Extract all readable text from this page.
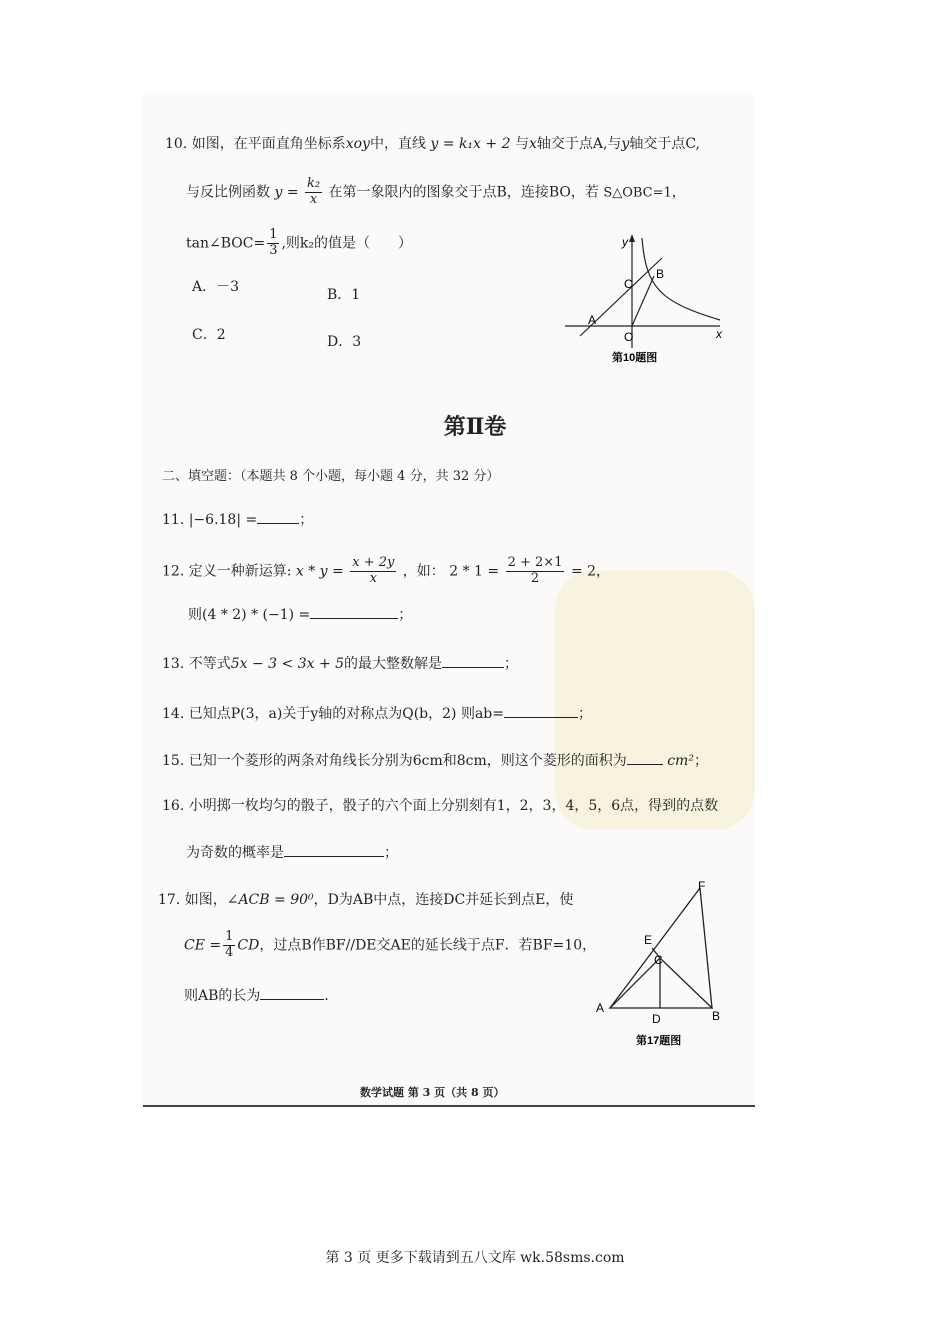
10. 如图，在平面直角坐标系xoy中，直线 y = k₁x + 2 与x轴交于点A,与y轴交于点C,
与反比例函数 $y = \frac{\text{k₂}}{x}$ 在第一象限内的图象交于点B，连接BO，若 S△OBC=1，
tan∠BOC= $\frac{1}{3}$ ,则k₂的值是（　　）
A．－3	B．1
C．2	D．3
y
x
A
B
C
O
第10题图
第Ⅱ卷
二、填空题：（本题共 8 个小题，每小题 4 分，共 32 分）
11. |−6.18| =	；
12. 定义一种新运算: $x * y = \frac{x + 2y}{x}$ ，如： $2 * 1 = \frac{2 + 2\times 1}{2} = 2$，
则(4 * 2) * (−1) =	；
13. 不等式5x − 3 < 3x + 5的最大整数解是	；
14. 已知点P(3，a)关于y轴的对称点为Q(b，2) 则ab=	；
15. 已知一个菱形的两条对角线长分别为6cm和8cm，则这个菱形的面积为	cm²；
16. 小明掷一枚均匀的骰子，骰子的六个面上分别刻有1，2，3，4，5，6点，得到的点数
为奇数的概率是	；
17. 如图，∠ACB = 90⁰，D为AB中点，连接DC并延长到点E，使
CE = $\frac{1}{4}$ CD，过点B作BF//DE交AE的延长线于点F．若BF=10，
则AB的长为	．
F
E
C
A
D	B
第17题图
数学试题 第 3 页（共 8 页）
第 3 页 更多下载请到五八文库 wk.58sms.com
